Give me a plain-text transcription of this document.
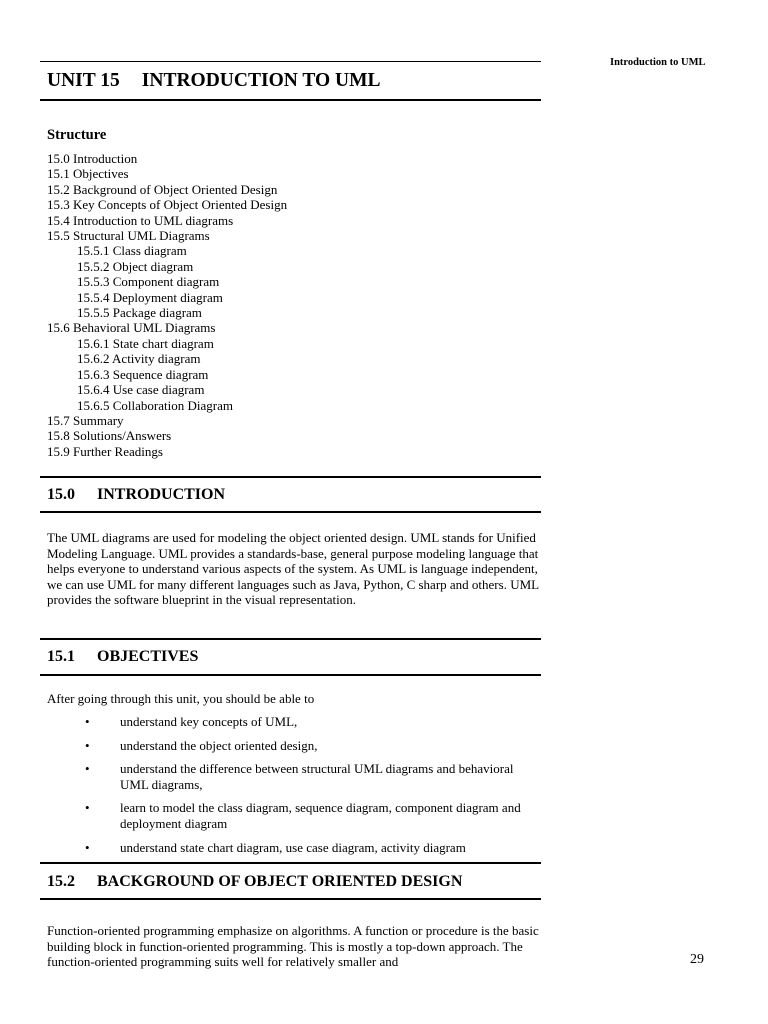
Introduction to UML
UNIT 15 INTRODUCTION TO UML
Structure
15.0 Introduction
15.1 Objectives
15.2 Background of Object Oriented Design
15.3 Key Concepts of Object Oriented Design
15.4 Introduction to UML diagrams
15.5 Structural UML Diagrams
15.5.1 Class diagram
15.5.2 Object diagram
15.5.3 Component diagram
15.5.4 Deployment diagram
15.5.5 Package diagram
15.6 Behavioral UML Diagrams
15.6.1 State chart diagram
15.6.2 Activity diagram
15.6.3 Sequence diagram
15.6.4 Use case diagram
15.6.5 Collaboration Diagram
15.7 Summary
15.8 Solutions/Answers
15.9 Further Readings
15.0 INTRODUCTION

The UML diagrams are used for modeling the object oriented design. UML stands for Unified Modeling Language. UML provides a standards-base, general purpose modeling language that helps everyone to understand various aspects of the system. As UML is language independent, we can use UML for many different languages such as Java, Python, C sharp and others. UML provides the software blueprint in the visual representation.

15.1 OBJECTIVES

After going through this unit, you should be able to

• understand key concepts of UML,
• understand the object oriented design,
• understand the difference between structural UML diagrams and behavioral UML diagrams,
• learn to model the class diagram, sequence diagram, component diagram and deployment diagram
• understand state chart diagram, use case diagram, activity diagram
15.2 BACKGROUND OF OBJECT ORIENTED DESIGN

Function-oriented programming emphasize on algorithms. A function or procedure is the basic building block in function-oriented programming. This is mostly a top-down approach. The function-oriented programming suits well for relatively smaller and	29
